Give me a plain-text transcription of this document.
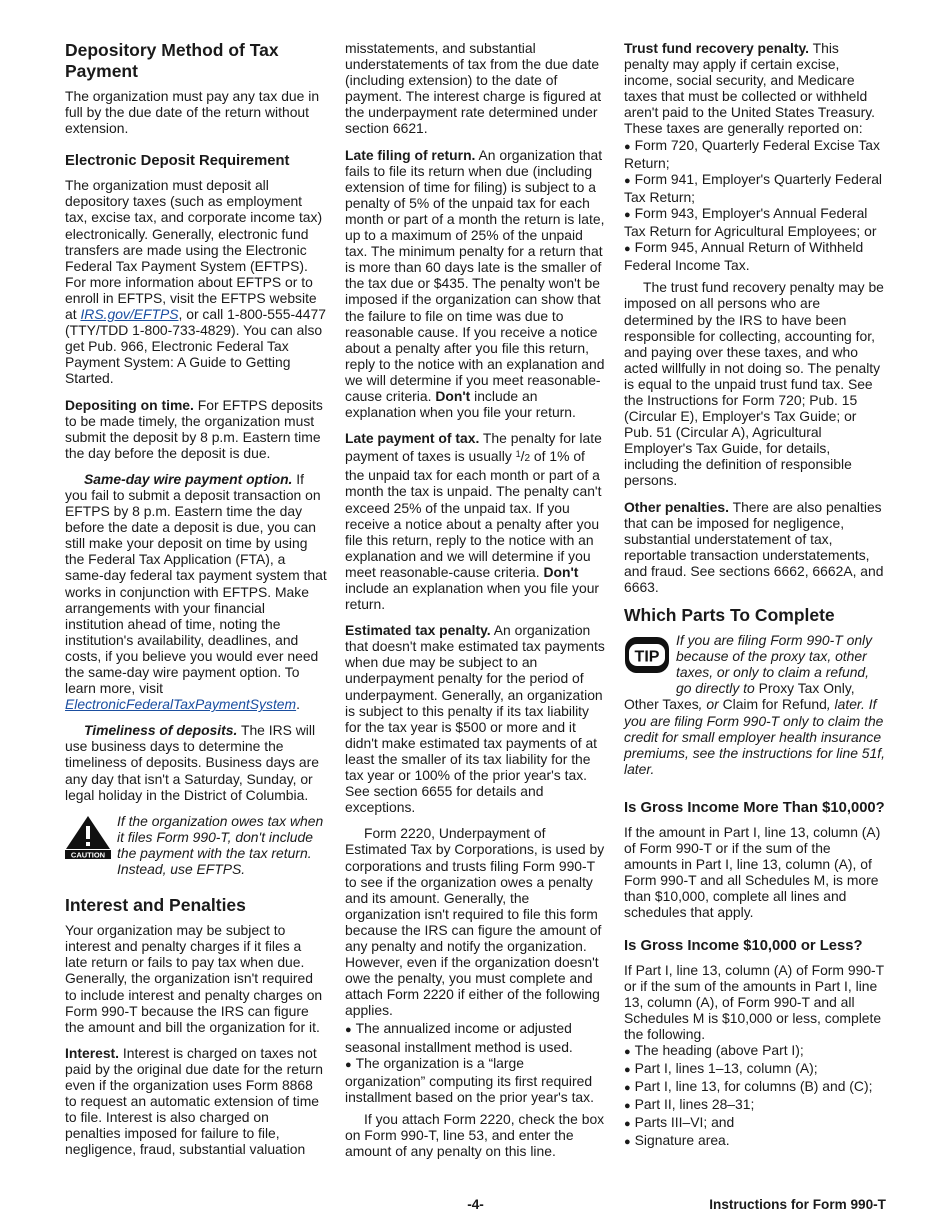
Depository Method of Tax Payment

The organization must pay any tax due in full by the due date of the return without extension.

Electronic Deposit Requirement

The organization must deposit all depository taxes (such as employment tax, excise tax, and corporate income tax) electronically. Generally, electronic fund transfers are made using the Electronic Federal Tax Payment System (EFTPS). For more information about EFTPS or to enroll in EFTPS, visit the EFTPS website at IRS.gov/EFTPS, or call 1-800-555-4477 (TTY/TDD 1-800-733-4829). You can also get Pub. 966, Electronic Federal Tax Payment System: A Guide to Getting Started.

Depositing on time. For EFTPS deposits to be made timely, the organization must submit the deposit by 8 p.m. Eastern time the day before the deposit is due.

Same-day wire payment option. If you fail to submit a deposit transaction on EFTPS by 8 p.m. Eastern time the day before the date a deposit is due, you can still make your deposit on time by using the Federal Tax Application (FTA), a same-day federal tax payment system that works in conjunction with EFTPS. Make arrangements with your financial institution ahead of time, noting the institution's availability, deadlines, and costs, if you believe you would ever need the same-day wire payment option. To learn more, visit ElectronicFederalTaxPaymentSystem.

Timeliness of deposits. The IRS will use business days to determine the timeliness of deposits. Business days are any day that isn't a Saturday, Sunday, or legal holiday in the District of Columbia.

CAUTION

If the organization owes tax when it files Form 990-T, don't include the payment with the tax return. Instead, use EFTPS.

Interest and Penalties

Your organization may be subject to interest and penalty charges if it files a late return or fails to pay tax when due. Generally, the organization isn't required to include interest and penalty charges on Form 990-T because the IRS can figure the amount and bill the organization for it.

Interest. Interest is charged on taxes not paid by the original due date for the return even if the organization uses Form 8868 to request an automatic extension of time to file. Interest is also charged on penalties imposed for failure to file, negligence, fraud, substantial valuation

misstatements, and substantial understatements of tax from the due date (including extension) to the date of payment. The interest charge is figured at the underpayment rate determined under section 6621.

Late filing of return. An organization that fails to file its return when due (including extension of time for filing) is subject to a penalty of 5% of the unpaid tax for each month or part of a month the return is late, up to a maximum of 25% of the unpaid tax. The minimum penalty for a return that is more than 60 days late is the smaller of the tax due or $435. The penalty won't be imposed if the organization can show that the failure to file on time was due to reasonable cause. If you receive a notice about a penalty after you file this return, reply to the notice with an explanation and we will determine if you meet reasonable-cause criteria. Don't include an explanation when you file your return.

Late payment of tax. The penalty for late payment of taxes is usually $^1$/2 of 1% of the unpaid tax for each month or part of a month the tax is unpaid. The penalty can't exceed 25% of the unpaid tax. If you receive a notice about a penalty after you file this return, reply to the notice with an explanation and we will determine if you meet reasonable-cause criteria. Don't include an explanation when you file your return.

Estimated tax penalty. An organization that doesn't make estimated tax payments when due may be subject to an underpayment penalty for the period of underpayment. Generally, an organization is subject to this penalty if its tax liability for the tax year is $500 or more and it didn't make estimated tax payments of at least the smaller of its tax liability for the tax year or 100% of the prior year's tax. See section 6655 for details and exceptions.

Form 2220, Underpayment of Estimated Tax by Corporations, is used by corporations and trusts filing Form 990-T to see if the organization owes a penalty and its amount. Generally, the organization isn't required to file this form because the IRS can figure the amount of any penalty and notify the organization. However, even if the organization doesn't owe the penalty, you must complete and attach Form 2220 if either of the following applies.

● The annualized income or adjusted seasonal installment method is used.

● The organization is a “large organization” computing its first required installment based on the prior year's tax.

If you attach Form 2220, check the box on Form 990-T, line 53, and enter the amount of any penalty on this line.

Trust fund recovery penalty. This penalty may apply if certain excise, income, social security, and Medicare taxes that must be collected or withheld aren't paid to the United States Treasury. These taxes are generally reported on:

● Form 720, Quarterly Federal Excise Tax Return;

● Form 941, Employer's Quarterly Federal Tax Return;

● Form 943, Employer's Annual Federal Tax Return for Agricultural Employees; or

● Form 945, Annual Return of Withheld Federal Income Tax.

The trust fund recovery penalty may be imposed on all persons who are determined by the IRS to have been responsible for collecting, accounting for, and paying over these taxes, and who acted willfully in not doing so. The penalty is equal to the unpaid trust fund tax. See the Instructions for Form 720; Pub. 15 (Circular E), Employer's Tax Guide; or Pub. 51 (Circular A), Agricultural Employer's Tax Guide, for details, including the definition of responsible persons.

Other penalties. There are also penalties that can be imposed for negligence, substantial understatement of tax, reportable transaction understatements, and fraud. See sections 6662, 6662A, and 6663.

Which Parts To Complete
TIP

If you are filing Form 990-T only because of the proxy tax, other taxes, or only to claim a refund, go directly to Proxy Tax Only, Other Taxes, or Claim for Refund, later. If you are filing Form 990-T only to claim the credit for small employer health insurance premiums, see the instructions for line 51f, later.

Is Gross Income More Than $10,000?

If the amount in Part I, line 13, column (A) of Form 990-T or if the sum of the amounts in Part I, line 13, column (A), of Form 990-T and all Schedules M, is more than $10,000, complete all lines and schedules that apply.

Is Gross Income $10,000 or Less?

If Part I, line 13, column (A) of Form 990-T or if the sum of the amounts in Part I, line 13, column (A), of Form 990-T and all Schedules M is $10,000 or less, complete the following.

● The heading (above Part I);

● Part I, lines 1–13, column (A);

● Part I, line 13, for columns (B) and (C);

● Part II, lines 28–31;

● Parts III–VI; and

● Signature area.

-4-	Instructions for Form 990-T
